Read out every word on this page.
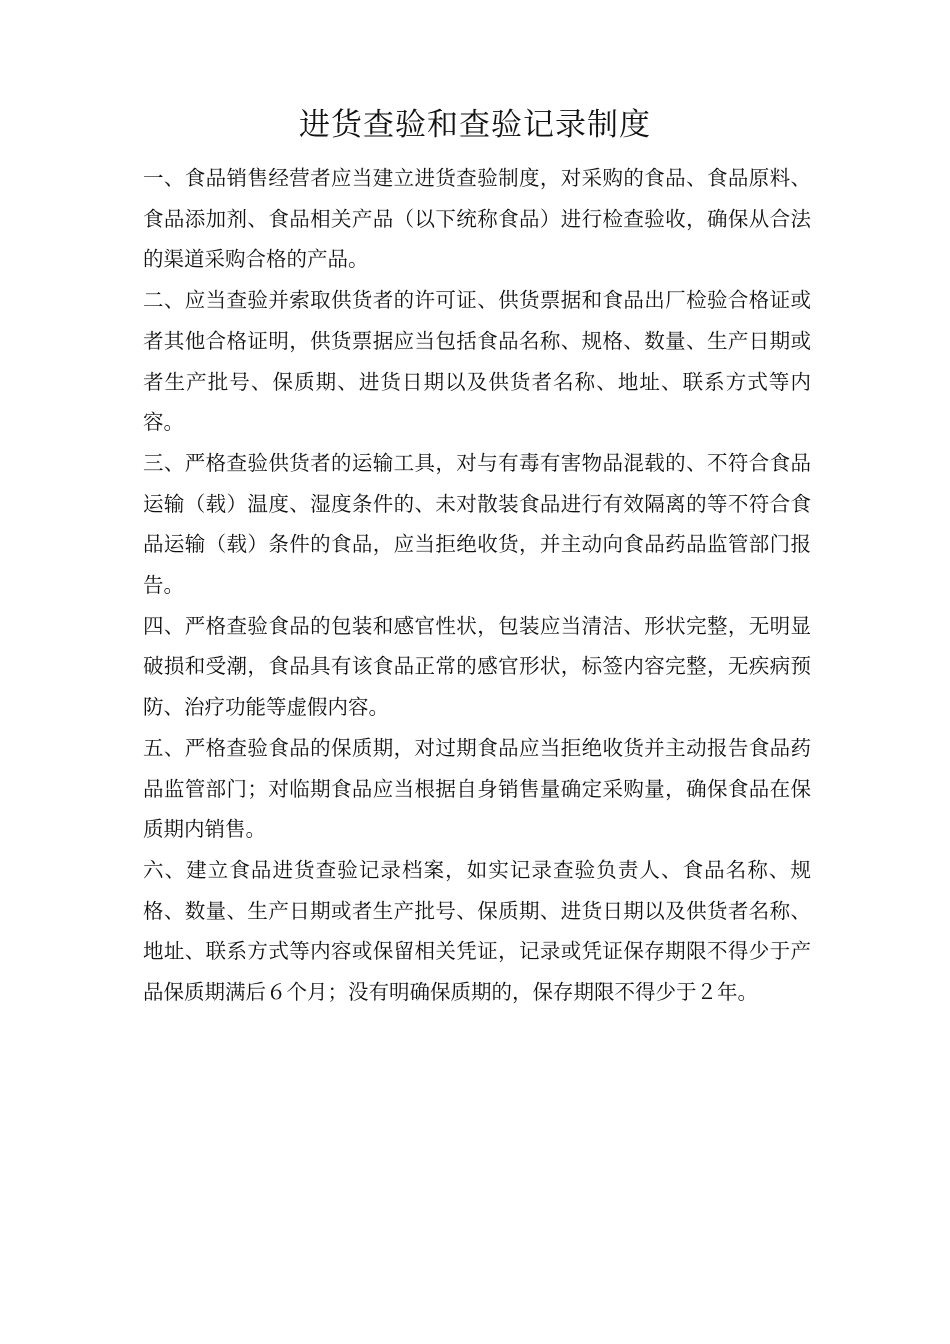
进货查验和查验记录制度

一、食品销售经营者应当建立进货查验制度，对采购的食品、食品原料、食品添加剂、食品相关产品（以下统称食品）进行检查验收，确保从合法的渠道采购合格的产品。

二、应当查验并索取供货者的许可证、供货票据和食品出厂检验合格证或者其他合格证明，供货票据应当包括食品名称、规格、数量、生产日期或者生产批号、保质期、进货日期以及供货者名称、地址、联系方式等内容。

三、严格查验供货者的运输工具，对与有毒有害物品混载的、不符合食品运输（载）温度、湿度条件的、未对散装食品进行有效隔离的等不符合食品运输（载）条件的食品，应当拒绝收货，并主动向食品药品监管部门报告。

四、严格查验食品的包装和感官性状，包装应当清洁、形状完整，无明显破损和受潮，食品具有该食品正常的感官形状，标签内容完整，无疾病预防、治疗功能等虚假内容。

五、严格查验食品的保质期，对过期食品应当拒绝收货并主动报告食品药品监管部门；对临期食品应当根据自身销售量确定采购量，确保食品在保质期内销售。

六、建立食品进货查验记录档案，如实记录查验负责人、食品名称、规格、数量、生产日期或者生产批号、保质期、进货日期以及供货者名称、地址、联系方式等内容或保留相关凭证，记录或凭证保存期限不得少于产品保质期满后６个月；没有明确保质期的，保存期限不得少于２年。
